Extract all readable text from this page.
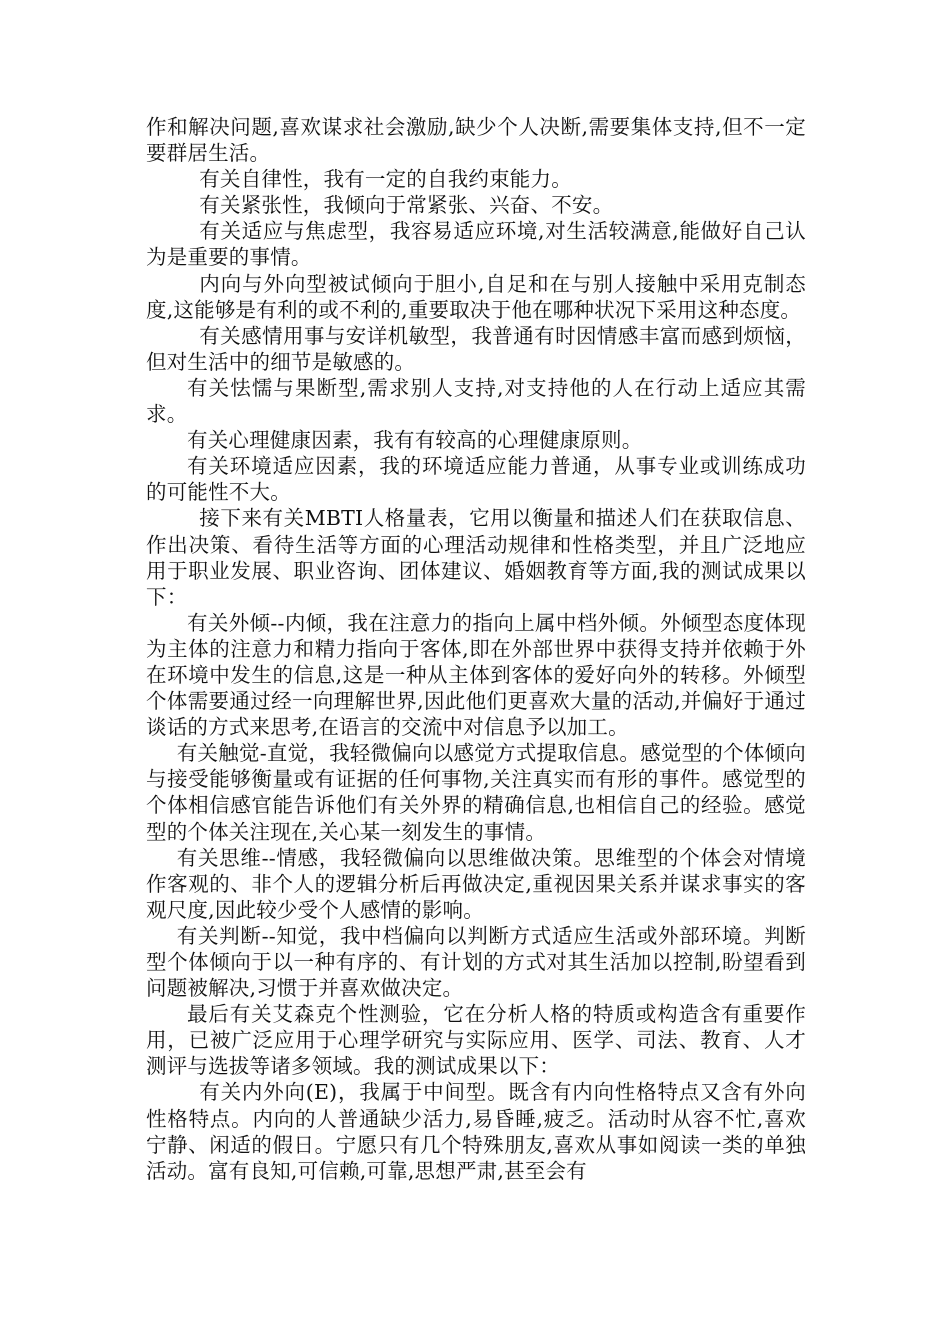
作和解决问题,喜欢谋求社会激励,缺少个人决断,需要集体支持,但不一定要群居生活。

有关自律性，我有一定的自我约束能力。

有关紧张性，我倾向于常紧张、兴奋、不安。

有关适应与焦虑型，我容易适应环境,对生活较满意,能做好自己认为是重要的事情。

内向与外向型被试倾向于胆小,自足和在与别人接触中采用克制态度,这能够是有利的或不利的,重要取决于他在哪种状况下采用这种态度。

有关感情用事与安详机敏型，我普通有时因情感丰富而感到烦恼，但对生活中的细节是敏感的。

有关怯懦与果断型,需求别人支持,对支持他的人在行动上适应其需求。

有关心理健康因素，我有有较高的心理健康原则。

有关环境适应因素，我的环境适应能力普通，从事专业或训练成功的可能性不大。

接下来有关MBTI人格量表，它用以衡量和描述人们在获取信息、作出决策、看待生活等方面的心理活动规律和性格类型，并且广泛地应用于职业发展、职业咨询、团体建议、婚姻教育等方面,我的测试成果以下：

有关外倾--内倾，我在注意力的指向上属中档外倾。外倾型态度体现为主体的注意力和精力指向于客体,即在外部世界中获得支持并依赖于外在环境中发生的信息,这是一种从主体到客体的爱好向外的转移。外倾型个体需要通过经一向理解世界,因此他们更喜欢大量的活动,并偏好于通过谈话的方式来思考,在语言的交流中对信息予以加工。

有关触觉-直觉，我轻微偏向以感觉方式提取信息。感觉型的个体倾向与接受能够衡量或有证据的任何事物,关注真实而有形的事件。感觉型的个体相信感官能告诉他们有关外界的精确信息,也相信自己的经验。感觉型的个体关注现在,关心某一刻发生的事情。

有关思维--情感，我轻微偏向以思维做决策。思维型的个体会对情境作客观的、非个人的逻辑分析后再做决定,重视因果关系并谋求事实的客观尺度,因此较少受个人感情的影响。

有关判断--知觉，我中档偏向以判断方式适应生活或外部环境。判断型个体倾向于以一种有序的、有计划的方式对其生活加以控制,盼望看到问题被解决,习惯于并喜欢做决定。

最后有关艾森克个性测验，它在分析人格的特质或构造含有重要作用，已被广泛应用于心理学研究与实际应用、医学、司法、教育、人才测评与选拔等诸多领域。我的测试成果以下：

有关内外向(E)，我属于中间型。既含有内向性格特点又含有外向性格特点。内向的人普通缺少活力,易昏睡,疲乏。活动时从容不忙,喜欢宁静、闲适的假日。宁愿只有几个特殊朋友,喜欢从事如阅读一类的单独活动。富有良知,可信赖,可靠,思想严肃,甚至会有
